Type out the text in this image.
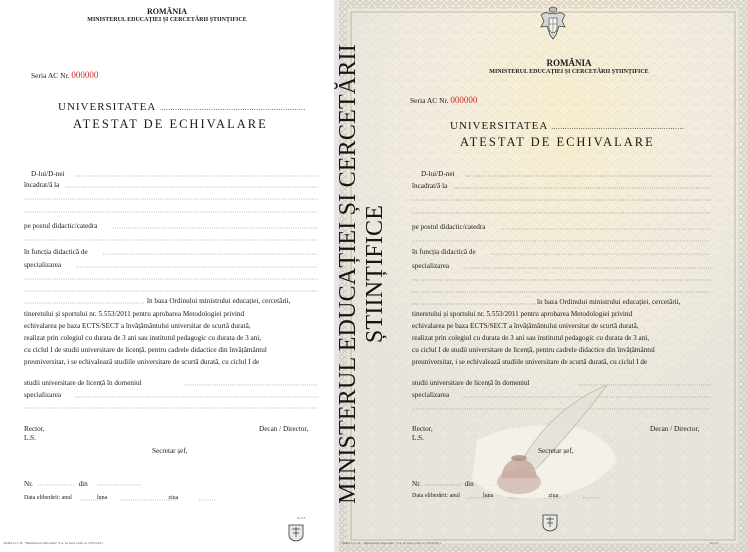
ROMÂNIA
MINISTERUL EDUCAȚIEI ȘI CERCETĂRII ȘTIINȚIFICE
Seria AC Nr. 000000
UNIVERSITATEA .................................................................
ATESTAT DE ECHIVALARE
D-lui/D-nei
încadrat/ă la
pe postul didactic/catedra
în funcția didactică de
specializarea
în baza Ordinului ministrului educației, cercetării,
tineretului și sportului nr. 5.553/2011 pentru aprobarea Metodologiei privind
echivalarea pe baza ECTS/SECT a învățământului universitar de scurtă durată,
realizat prin colegiul cu durata de 3 ani sau institutul pedagogic cu durata de 3 ani,
cu ciclul I de studii universitare de licență, pentru cadrele didactice din învățământul
preuniversitar, i se echivalează studiile universitare de scurtă durată, cu ciclul I de
studii universitare de licență în domeniul
specializarea
Rector,
L.S.
Decan / Director,
Secretar șef,
Nr.	din
Data eliberării: anul	luna	ziua
Tipărit la C.N. "Imprimeria Națională" S.A. în baza O.M. nr 5553/2011
D-5-3
MINISTERUL EDUCAȚIEI ȘI CERCETĂRII ȘTIINȚIFICE
ROMÂNIA
MINISTERUL EDUCAȚIEI ȘI CERCETĂRII ȘTIINȚIFICE
Seria AC Nr. 000000
UNIVERSITATEA ...........................................................
ATESTAT DE ECHIVALARE
D-lui/D-nei
încadrat/ă la
pe postul didactic/catedra
în funcția didactică de
specializarea
în baza Ordinului ministrului educației, cercetării,
tineretului și sportului nr. 5.553/2011 pentru aprobarea Metodologiei privind
echivalarea pe baza ECTS/SECT a învățământului universitar de scurtă durată,
realizat prin colegiul cu durata de 3 ani sau institutul pedagogic cu durata de 3 ani,
cu ciclul I de studii universitare de licență, pentru cadrele didactice din învățământul
preuniversitar, i se echivalează studiile universitare de scurtă durată, cu ciclul I de
studii universitare de licență în domeniul
specializarea
Rector,
L.S.
Decan / Director,
Secretar șef,
Nr.	din
Data eliberării: anul	luna	ziua
Tipărit la C.N. "Imprimeria Națională" S.A. în baza O.M. nr 5553/2011	D-5-3
